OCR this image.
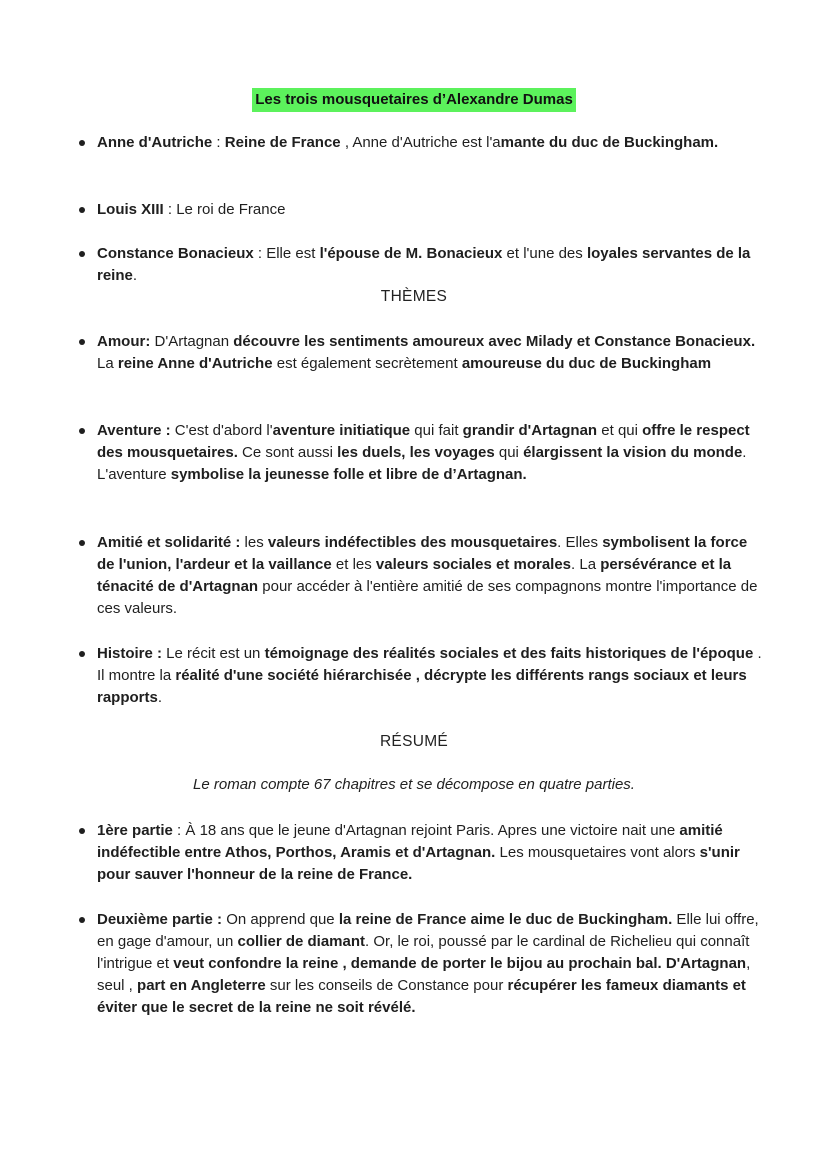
Les trois mousquetaires d’Alexandre Dumas
Anne d'Autriche : Reine de France , Anne d'Autriche est l'amante du duc de Buckingham.
Louis XIII : Le roi de France
Constance Bonacieux : Elle est l'épouse de M. Bonacieux et l'une des loyales servantes de la reine.
THÈMES
Amour: D'Artagnan découvre les sentiments amoureux avec Milady et Constance Bonacieux. La reine Anne d'Autriche est également secrètement amoureuse du duc de Buckingham
Aventure : C'est d'abord l'aventure initiatique qui fait grandir d'Artagnan et qui offre le respect des mousquetaires. Ce sont aussi les duels, les voyages qui élargissent la vision du monde. L'aventure symbolise la jeunesse folle et libre de d’Artagnan.
Amitié et solidarité : les valeurs indéfectibles des mousquetaires. Elles symbolisent la force de l'union, l'ardeur et la vaillance et les valeurs sociales et morales. La persévérance et la ténacité de d'Artagnan pour accéder à l'entière amitié de ses compagnons montre l'importance de ces valeurs.
Histoire : Le récit est un témoignage des réalités sociales et des faits historiques de l'époque . Il montre la réalité d'une société hiérarchisée , décrypte les différents rangs sociaux et leurs rapports.
RÉSUMÉ
Le roman compte 67 chapitres et se décompose en quatre parties.
1ère partie : À 18 ans que le jeune d'Artagnan rejoint Paris. Apres une victoire nait une amitié indéfectible entre Athos, Porthos, Aramis et d'Artagnan. Les mousquetaires vont alors s'unir pour sauver l'honneur de la reine de France.
Deuxième partie : On apprend que la reine de France aime le duc de Buckingham. Elle lui offre, en gage d'amour, un collier de diamant. Or, le roi, poussé par le cardinal de Richelieu qui connaît l'intrigue et veut confondre la reine , demande de porter le bijou au prochain bal. D'Artagnan, seul , part en Angleterre sur les conseils de Constance pour récupérer les fameux diamants et éviter que le secret de la reine ne soit révélé.
